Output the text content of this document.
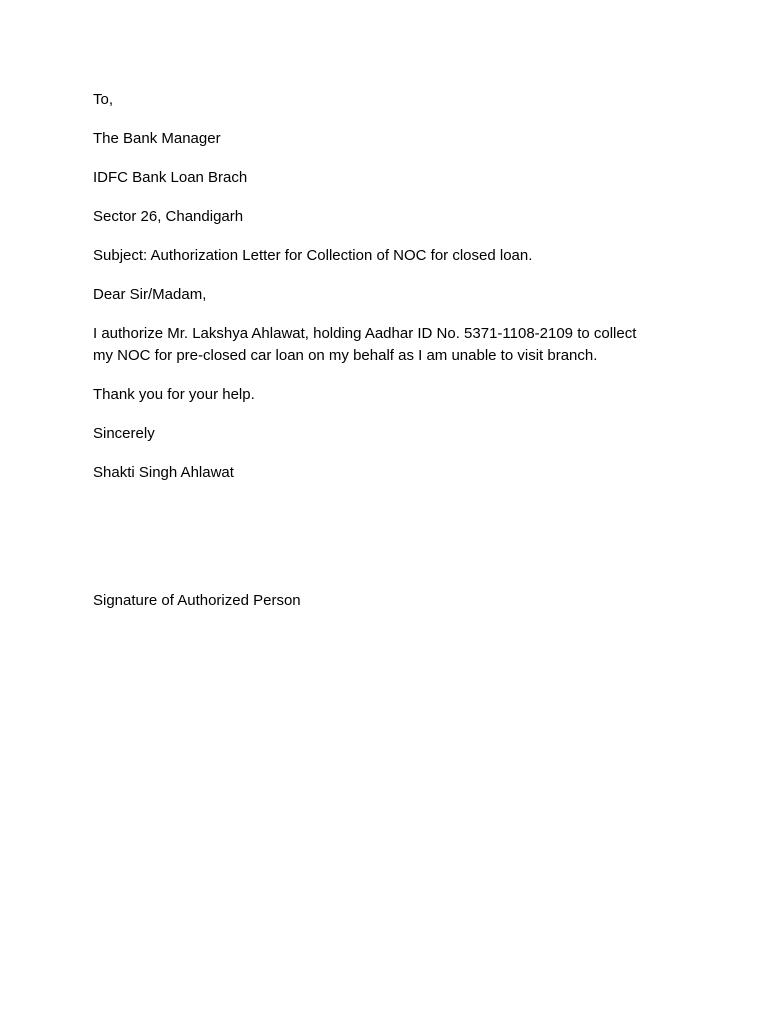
To,

The Bank Manager

IDFC Bank Loan Brach

Sector 26, Chandigarh

Subject: Authorization Letter for Collection of NOC for closed loan.

Dear Sir/Madam,

I authorize Mr. Lakshya Ahlawat, holding Aadhar ID No. 5371-1108-2109 to collect my NOC for pre-closed car loan on my behalf as I am unable to visit branch.

Thank you for your help.

Sincerely

Shakti Singh Ahlawat

Signature of Authorized Person
